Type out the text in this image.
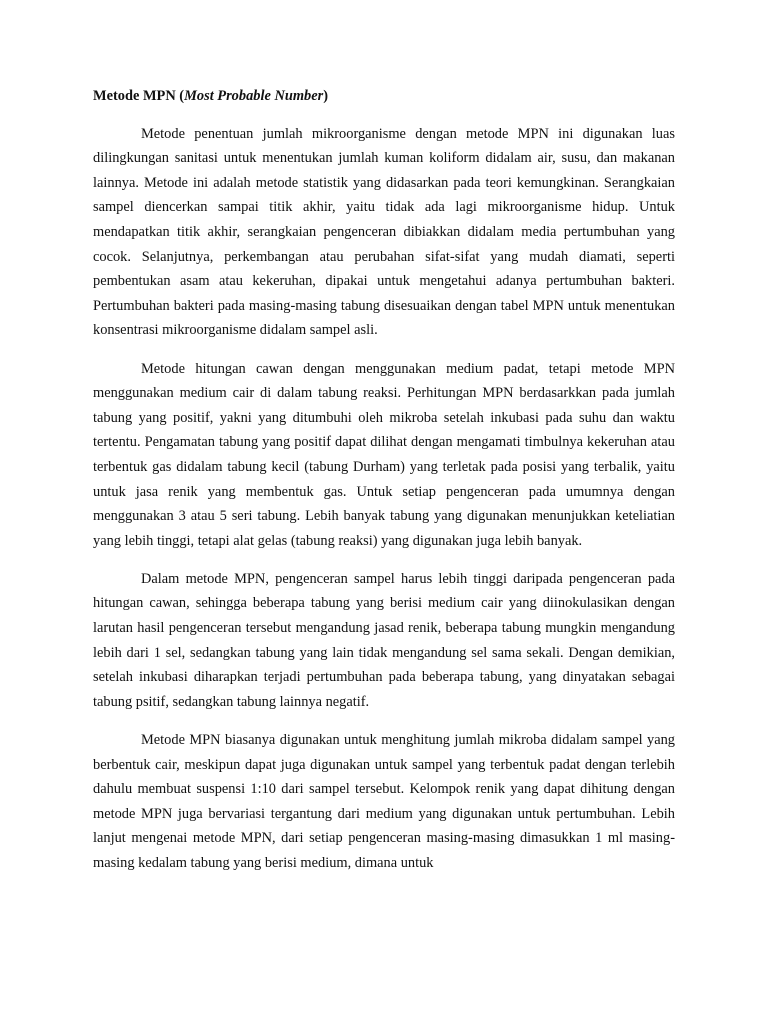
Metode MPN (Most Probable Number)

Metode penentuan jumlah mikroorganisme dengan metode MPN ini digunakan luas dilingkungan sanitasi untuk menentukan jumlah kuman koliform didalam air, susu, dan makanan lainnya. Metode ini adalah metode statistik yang didasarkan pada teori kemungkinan. Serangkaian sampel diencerkan sampai titik akhir, yaitu tidak ada lagi mikroorganisme hidup. Untuk mendapatkan titik akhir, serangkaian pengenceran dibiakkan didalam media pertumbuhan yang cocok. Selanjutnya, perkembangan atau perubahan sifat-sifat yang mudah diamati, seperti pembentukan asam atau kekeruhan, dipakai untuk mengetahui adanya pertumbuhan bakteri. Pertumbuhan bakteri pada masing-masing tabung disesuaikan dengan tabel MPN untuk menentukan konsentrasi mikroorganisme didalam sampel asli.

Metode hitungan cawan dengan menggunakan medium padat, tetapi metode MPN menggunakan medium cair di dalam tabung reaksi. Perhitungan MPN berdasarkkan pada jumlah tabung yang positif, yakni yang ditumbuhi oleh mikroba setelah inkubasi pada suhu dan waktu tertentu. Pengamatan tabung yang positif dapat dilihat dengan mengamati timbulnya kekeruhan atau terbentuk gas didalam tabung kecil (tabung Durham) yang terletak pada posisi yang terbalik, yaitu untuk jasa renik yang membentuk gas. Untuk setiap pengenceran pada umumnya dengan menggunakan 3 atau 5 seri tabung. Lebih banyak tabung yang digunakan menunjukkan keteliatian yang lebih tinggi, tetapi alat gelas (tabung reaksi) yang digunakan juga lebih banyak.

Dalam metode MPN, pengenceran sampel harus lebih tinggi daripada pengenceran pada hitungan cawan, sehingga beberapa tabung yang berisi medium cair yang diinokulasikan dengan larutan hasil pengenceran tersebut mengandung jasad renik, beberapa tabung mungkin mengandung lebih dari 1 sel, sedangkan tabung yang lain tidak mengandung sel sama sekali. Dengan demikian, setelah inkubasi diharapkan terjadi pertumbuhan pada beberapa tabung, yang dinyatakan sebagai tabung psitif, sedangkan tabung lainnya negatif.

Metode MPN biasanya digunakan untuk menghitung jumlah mikroba didalam sampel yang berbentuk cair, meskipun dapat juga digunakan untuk sampel yang terbentuk padat dengan terlebih dahulu membuat suspensi 1:10 dari sampel tersebut. Kelompok renik yang dapat dihitung dengan metode MPN juga bervariasi tergantung dari medium yang digunakan untuk pertumbuhan. Lebih lanjut mengenai metode MPN, dari setiap pengenceran masing-masing dimasukkan 1 ml masing-masing kedalam tabung yang berisi medium, dimana untuk
